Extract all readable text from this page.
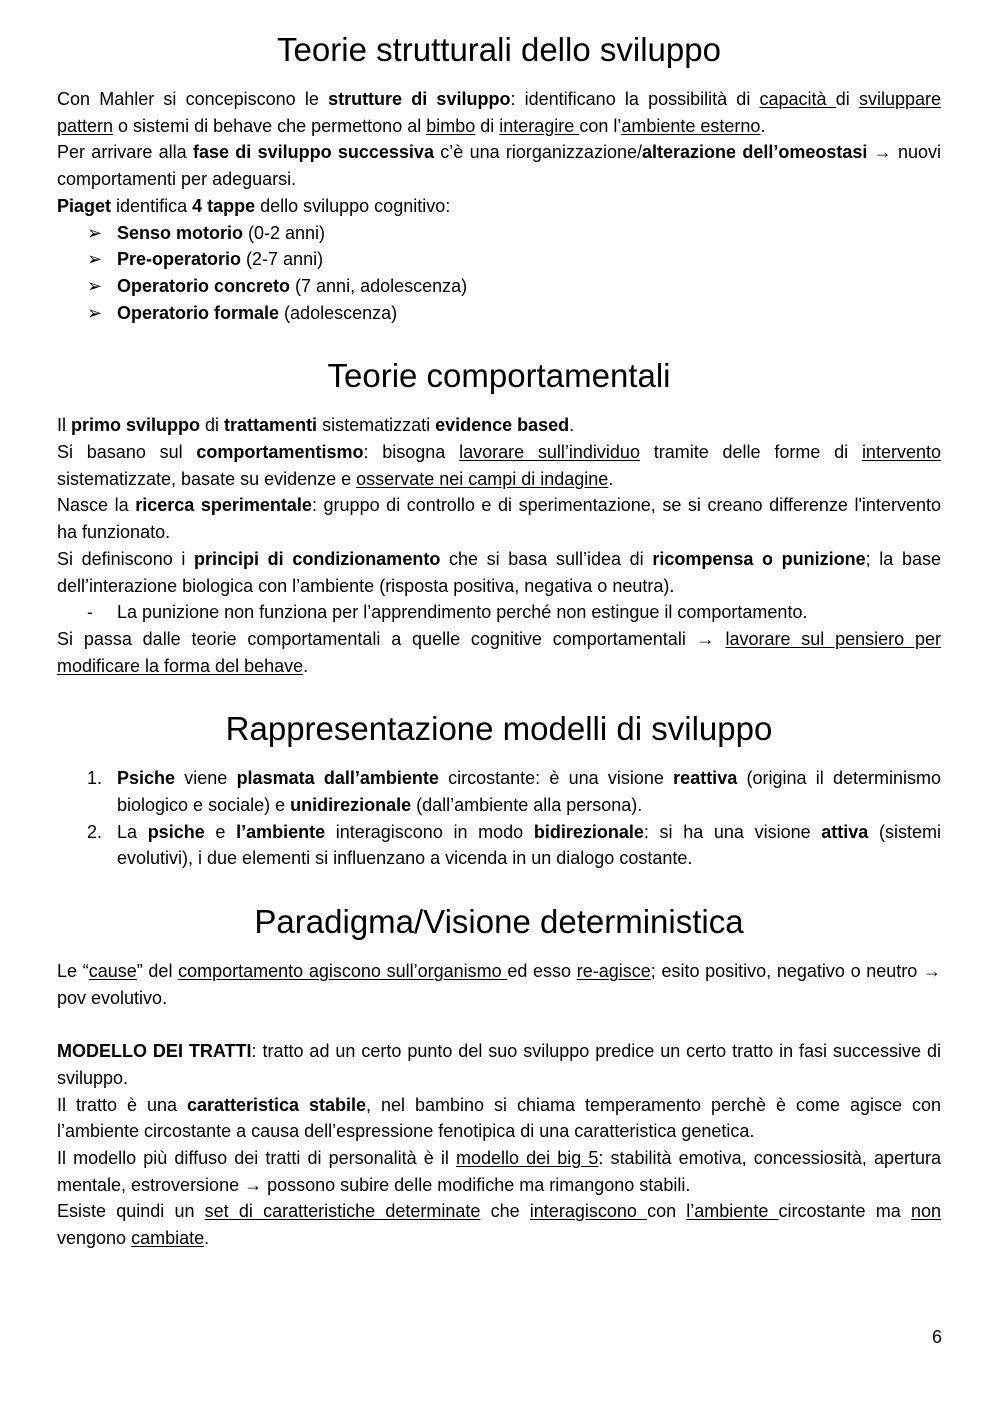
Teorie strutturali dello sviluppo

Con Mahler si concepiscono le strutture di sviluppo: identificano la possibilità di capacità di sviluppare pattern o sistemi di behave che permettono al bimbo di interagire con l’ambiente esterno.

Per arrivare alla fase di sviluppo successiva c’è una riorganizzazione/alterazione dell’omeostasi → nuovi comportamenti per adeguarsi.

Piaget identifica 4 tappe dello sviluppo cognitivo:

➢ Senso motorio (0-2 anni)
➢ Pre-operatorio (2-7 anni)
➢ Operatorio concreto (7 anni, adolescenza)
➢ Operatorio formale (adolescenza)
Teorie comportamentali

Il primo sviluppo di trattamenti sistematizzati evidence based.

Si basano sul comportamentismo: bisogna lavorare sull’individuo tramite delle forme di intervento sistematizzate, basate su evidenze e osservate nei campi di indagine.

Nasce la ricerca sperimentale: gruppo di controllo e di sperimentazione, se si creano differenze l'intervento ha funzionato.

Si definiscono i principi di condizionamento che si basa sull’idea di ricompensa o punizione; la base dell’interazione biologica con l’ambiente (risposta positiva, negativa o neutra).

- La punizione non funziona per l’apprendimento perché non estingue il comportamento.

Si passa dalle teorie comportamentali a quelle cognitive comportamentali → lavorare sul pensiero per modificare la forma del behave.

Rappresentazione modelli di sviluppo
1. Psiche viene plasmata dall’ambiente circostante: è una visione reattiva (origina il determinismo biologico e sociale) e unidirezionale (dall’ambiente alla persona).
2. La psiche e l’ambiente interagiscono in modo bidirezionale: si ha una visione attiva (sistemi evolutivi), i due elementi si influenzano a vicenda in un dialogo costante.
Paradigma/Visione deterministica

Le “cause” del comportamento agiscono sull’organismo ed esso re-agisce; esito positivo, negativo o neutro → pov evolutivo.

MODELLO DEI TRATTI: tratto ad un certo punto del suo sviluppo predice un certo tratto in fasi successive di sviluppo.

Il tratto è una caratteristica stabile, nel bambino si chiama temperamento perchè è come agisce con l’ambiente circostante a causa dell’espressione fenotipica di una caratteristica genetica.

Il modello più diffuso dei tratti di personalità è il modello dei big 5: stabilità emotiva, concessiosità, apertura mentale, estroversione → possono subire delle modifiche ma rimangono stabili.

Esiste quindi un set di caratteristiche determinate che interagiscono con l’ambiente circostante ma non vengono cambiate.

6
